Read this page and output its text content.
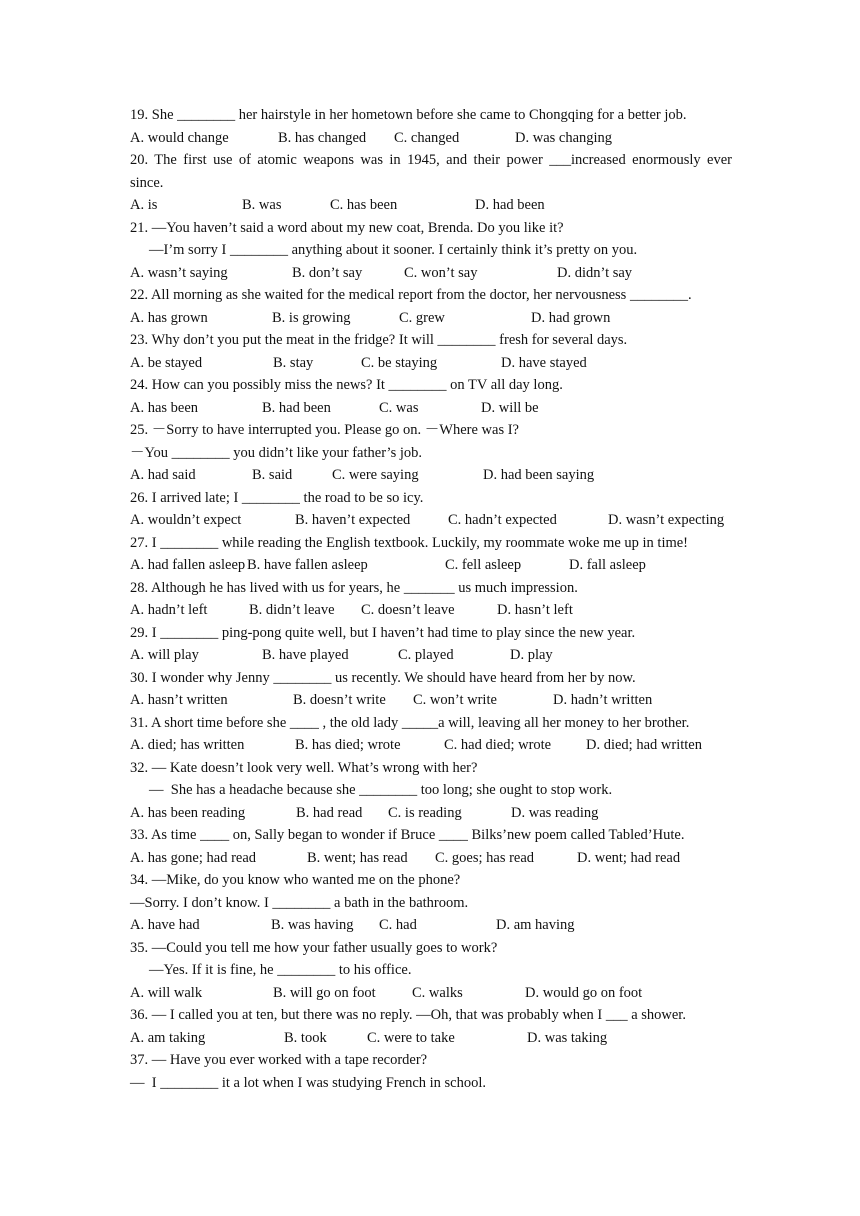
19. She ________ her hairstyle in her hometown before she came to Chongqing for a better job.
A. would change	B. has changed C. changed	D. was changing
20. The first use of atomic weapons was in 1945, and their power ___increased enormously ever
since.
A. is	B. was	C. has been	D. had been
21. —You haven’t said a word about my new coat, Brenda. Do you like it?
—I’m sorry I ________ anything about it sooner. I certainly think it’s pretty on you.
A. wasn’t saying	B. don’t say	C. won’t say	D. didn’t say
22. All morning as she waited for the medical report from the doctor, her nervousness ________.
A. has grown	B. is growing	C. grew	D. had grown
23. Why don’t you put the meat in the fridge? It will ________ fresh for several days.
A. be stayed	B. stay	C. be staying	D. have stayed
24. How can you possibly miss the news? It ________ on TV all day long.
A. has been	B. had been	C. was	D. will be
25. －Sorry to have interrupted you. Please go on. －Where was I?
－You ________ you didn’t like your father’s job.
A. had said	B. said	C. were saying	D. had been saying
26. I arrived late; I ________ the road to be so icy.
A. wouldn’t expect	B. haven’t expected	C. hadn’t expected	D. wasn’t expecting
27. I ________ while reading the English textbook. Luckily, my roommate woke me up in time!
A. had fallen asleep B. have fallen asleep	C. fell asleep	D. fall asleep
28. Although he has lived with us for years, he _______ us much impression.
A. hadn’t left	B. didn’t leave C. doesn’t leave	D. hasn’t left
29. I ________ ping-pong quite well, but I haven’t had time to play since the new year.
A. will play	B. have played	C. played	D. play
30. I wonder why Jenny ________ us recently. We should have heard from her by now.
A. hasn’t written	B. doesn’t write C. won’t write	D. hadn’t written
31. A short time before she ____ , the old lady _____a will, leaving all her money to her brother.
A. died; has written	B. has died; wrote	C. had died; wrote D. died; had written
32. — Kate doesn’t look very well. What’s wrong with her?
—  She has a headache because she ________ too long; she ought to stop work.
A. has been reading	B. had read C. is reading	D. was reading
33. As time ____ on, Sally began to wonder if Bruce ____ Bilks’new poem called Tabled’Hute.
A. has gone; had read	B. went; has read C. goes; has read	D. went; had read
34. —Mike, do you know who wanted me on the phone?
—Sorry. I don’t know. I ________ a bath in the bathroom.
A. have had	B. was having C. had	D. am having
35. —Could you tell me how your father usually goes to work?
—Yes. If it is fine, he ________ to his office.
A. will walk	B. will go on foot	C. walks	D. would go on foot
36. — I called you at ten, but there was no reply. —Oh, that was probably when I ___ a shower.
A. am taking	B. took	C. were to take	D. was taking
37. — Have you ever worked with a tape recorder?
—  I ________ it a lot when I was studying French in school.
